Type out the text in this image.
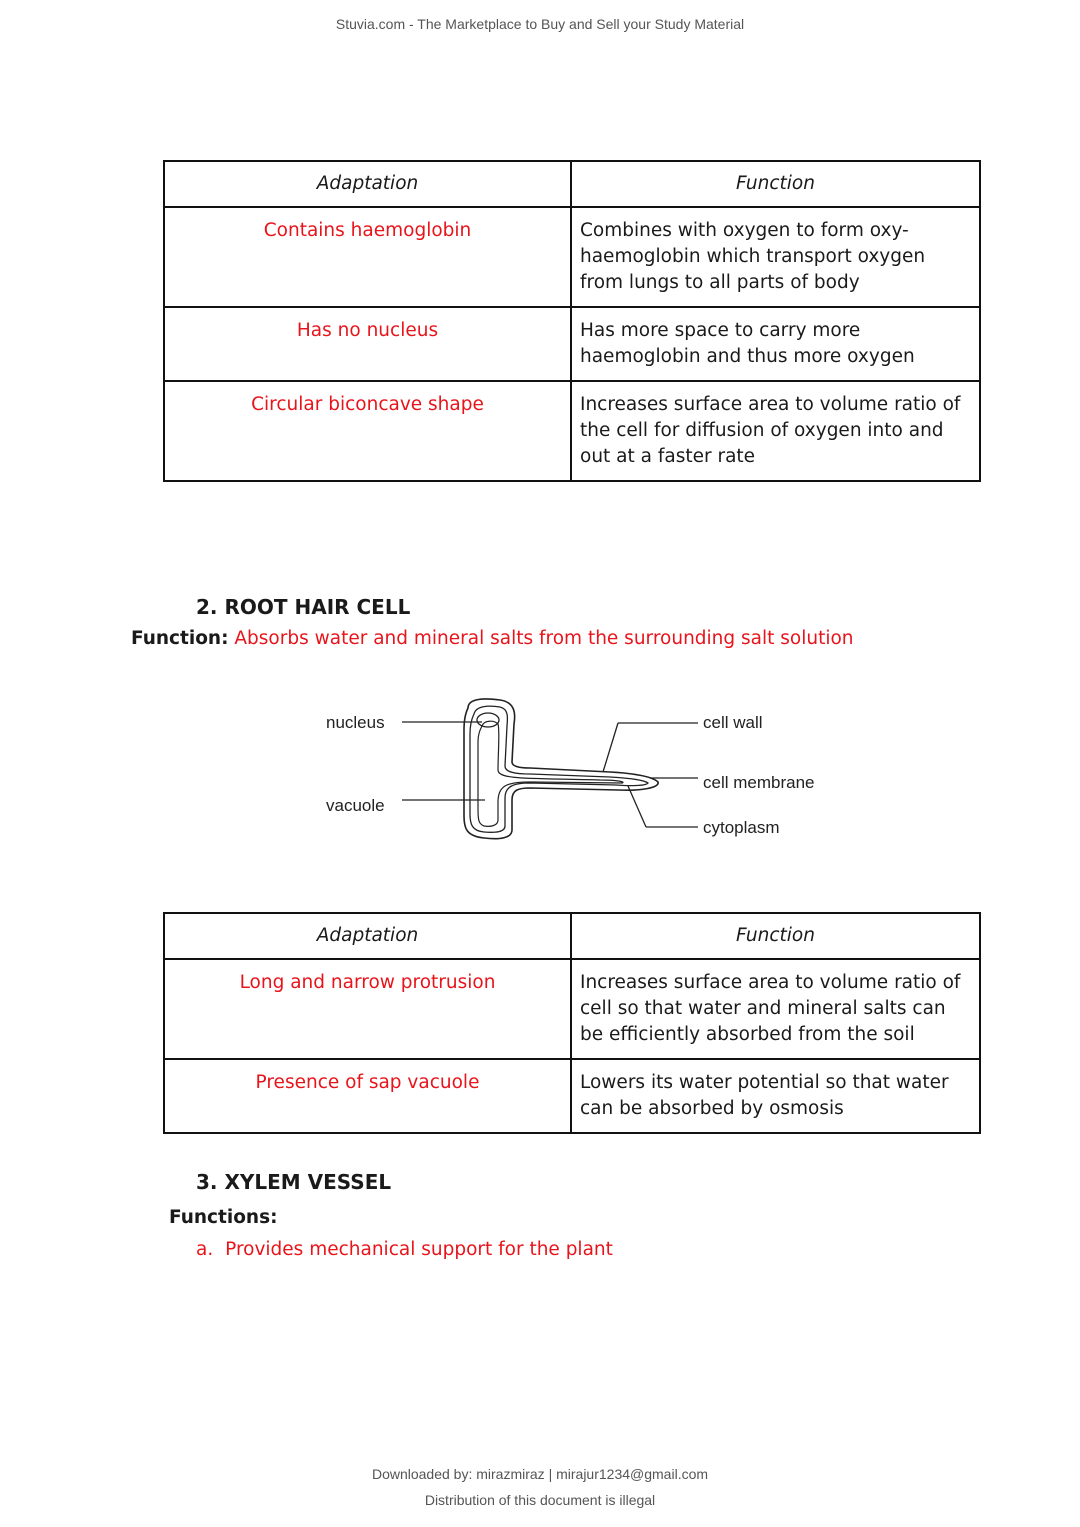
Stuvia.com - The Marketplace to Buy and Sell your Study Material
Adaptation	Function
Contains haemoglobin	Combines with oxygen to form oxy-haemoglobin which transport oxygen from lungs to all parts of body
Has no nucleus	Has more space to carry more haemoglobin and thus more oxygen
Circular biconcave shape	Increases surface area to volume ratio of the cell for diffusion of oxygen into and out at a faster rate
2. ROOT HAIR CELL
Function: Absorbs water and mineral salts from the surrounding salt solution
nucleus
vacuole
cell wall
cell membrane
cytoplasm
Adaptation	Function
Long and narrow protrusion	Increases surface area to volume ratio of cell so that water and mineral salts can be efficiently absorbed from the soil
Presence of sap vacuole	Lowers its water potential so that water can be absorbed by osmosis
3. XYLEM VESSEL
Functions:
a. Provides mechanical support for the plant
Downloaded by: mirazmiraz | mirajur1234@gmail.com
Distribution of this document is illegal
